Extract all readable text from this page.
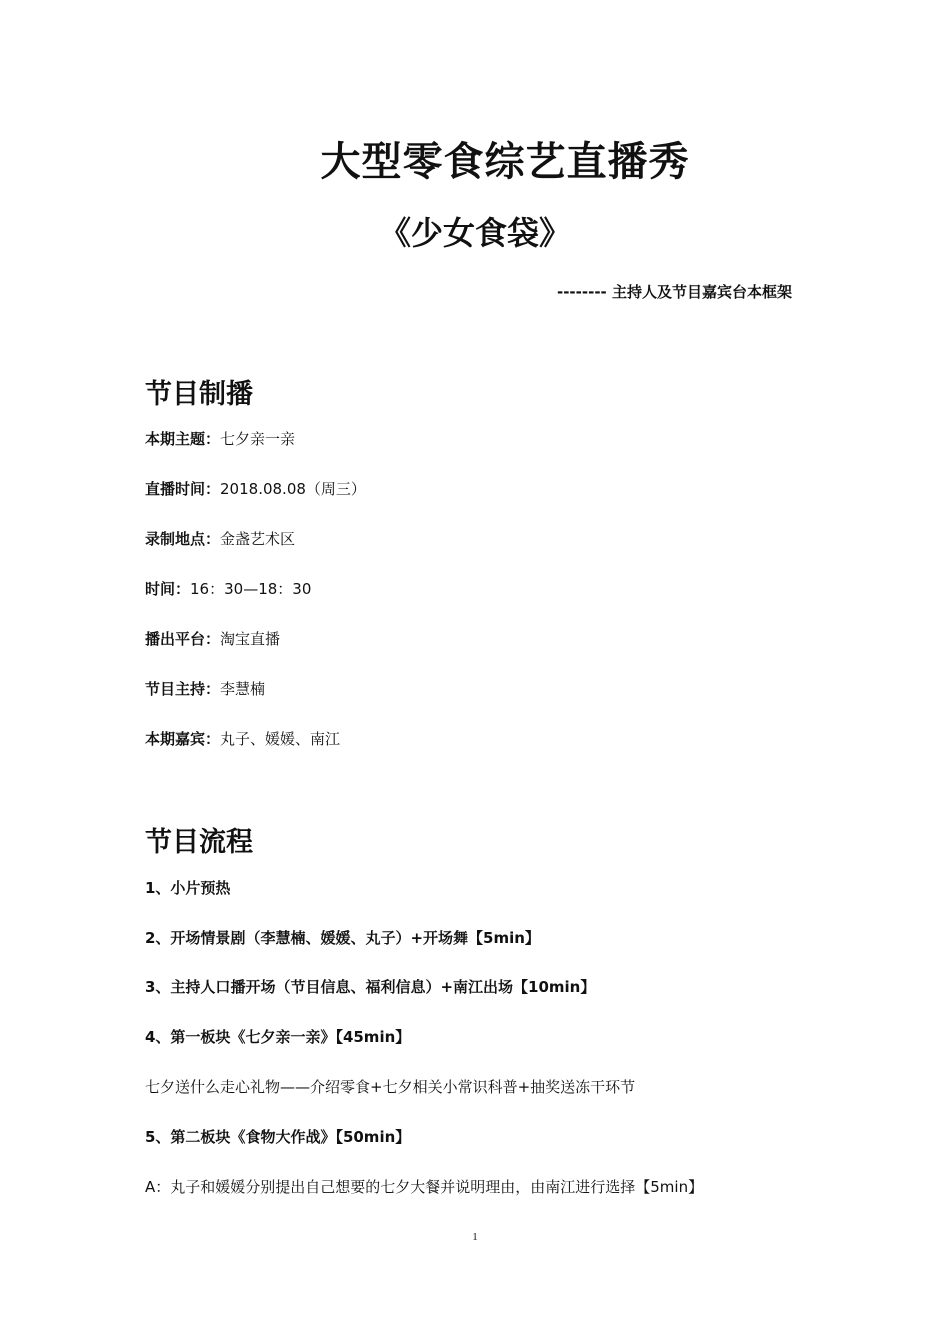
大型零食综艺直播秀
《少女食袋》
-------- 主持人及节目嘉宾台本框架
节目制播
本期主题：七夕亲一亲
直播时间：2018.08.08（周三）
录制地点：金盏艺术区
时间：16：30—18：30
播出平台：淘宝直播
节目主持：李慧楠
本期嘉宾：丸子、媛媛、南江
节目流程
1、小片预热
2、开场情景剧（李慧楠、媛媛、丸子）+开场舞【5min】
3、主持人口播开场（节目信息、福利信息）+南江出场【10min】
4、第一板块《七夕亲一亲》【45min】
七夕送什么走心礼物——介绍零食+七夕相关小常识科普+抽奖送冻干环节
5、第二板块《食物大作战》【50min】
A：丸子和媛媛分别提出自己想要的七夕大餐并说明理由，由南江进行选择【5min】
1
